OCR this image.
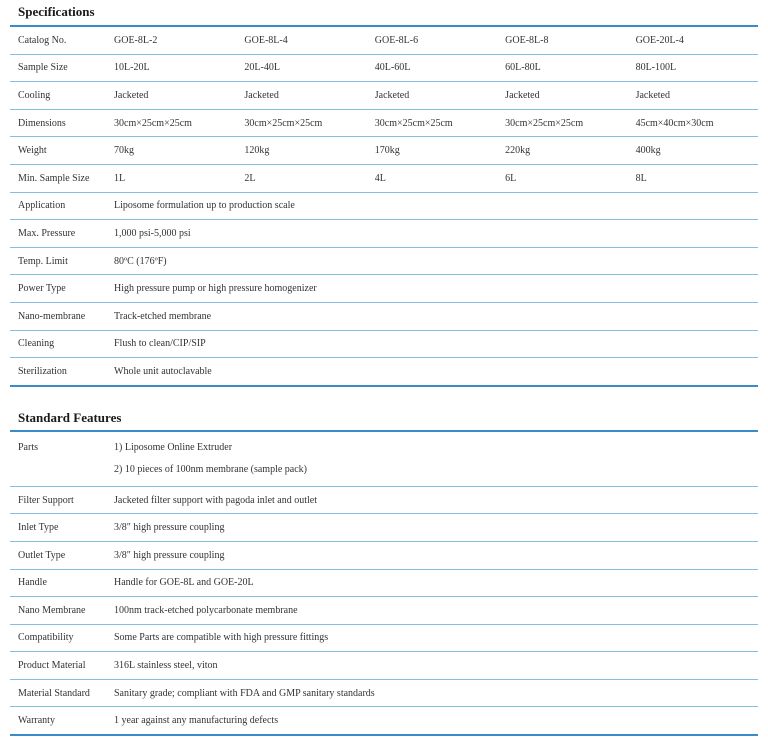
Specifications
Catalog No.	GOE-8L-2	GOE-8L-4	GOE-8L-6	GOE-8L-8	GOE-20L-4
Sample Size	10L-20L	20L-40L	40L-60L	60L-80L	80L-100L
Cooling	Jacketed	Jacketed	Jacketed	Jacketed	Jacketed
Dimensions	30cm×25cm×25cm	30cm×25cm×25cm	30cm×25cm×25cm	30cm×25cm×25cm	45cm×40cm×30cm
Weight	70kg	120kg	170kg	220kg	400kg
Min. Sample Size	1L	2L	4L	6L	8L
Application	Liposome formulation up to production scale				
Max. Pressure	1,000 psi-5,000 psi				
Temp. Limit	80ºC (176ºF)				
Power Type	High pressure pump or high pressure homogenizer				
Nano-membrane	Track-etched membrane				
Cleaning	Flush to clean/CIP/SIP				
Sterilization	Whole unit autoclavable				
Standard Features
Parts	1) Liposome Online Extruder
2) 10 pieces of 100nm membrane (sample pack)

Filter Support	Jacketed filter support with pagoda inlet and outlet
Inlet Type	3/8" high pressure coupling
Outlet Type	3/8" high pressure coupling
Handle	Handle for GOE-8L and GOE-20L
Nano Membrane	100nm track-etched polycarbonate membrane
Compatibility	Some Parts are compatible with high pressure fittings
Product Material	316L stainless steel, viton
Material Standard	Sanitary grade; compliant with FDA and GMP sanitary standards
Warranty	1 year against any manufacturing defects
